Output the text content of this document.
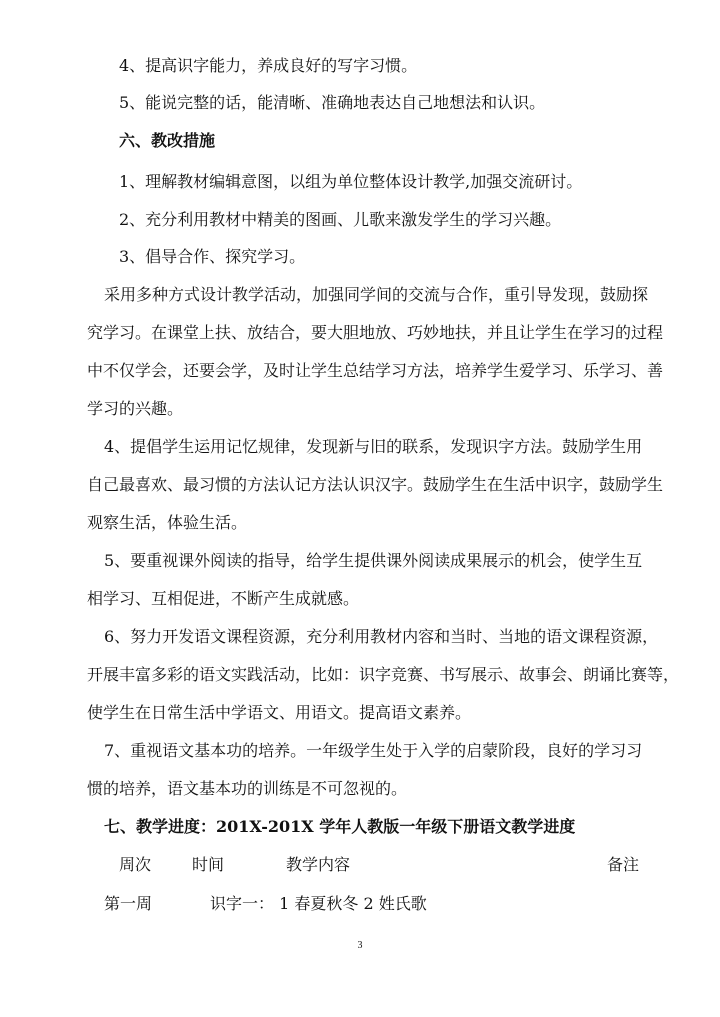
4、提高识字能力，养成良好的写字习惯。
5、能说完整的话，能清晰、准确地表达自己地想法和认识。
六、教改措施
1、理解教材编辑意图，以组为单位整体设计教学,加强交流研讨。
2、充分利用教材中精美的图画、儿歌来激发学生的学习兴趣。
3、倡导合作、探究学习。
采用多种方式设计教学活动，加强同学间的交流与合作，重引导发现，鼓励探
究学习。在课堂上扶、放结合，要大胆地放、巧妙地扶，并且让学生在学习的过程
中不仅学会，还要会学，及时让学生总结学习方法，培养学生爱学习、乐学习、善
学习的兴趣。
4、提倡学生运用记忆规律，发现新与旧的联系，发现识字方法。鼓励学生用
自己最喜欢、最习惯的方法认记方法认识汉字。鼓励学生在生活中识字，鼓励学生
观察生活，体验生活。
5、要重视课外阅读的指导，给学生提供课外阅读成果展示的机会，使学生互
相学习、互相促进，不断产生成就感。
6、努力开发语文课程资源，充分利用教材内容和当时、当地的语文课程资源，
开展丰富多彩的语文实践活动，比如：识字竞赛、书写展示、故事会、朗诵比赛等，
使学生在日常生活中学语文、用语文。提高语文素养。
7、重视语文基本功的培养。一年级学生处于入学的启蒙阶段，良好的学习习
惯的培养，语文基本功的训练是不可忽视的。
七、教学进度：201X-201X 学年人教版一年级下册语文教学进度
周次	时间	教学内容	备注
第一周	识字一： 1 春夏秋冬 2 姓氏歌
3
